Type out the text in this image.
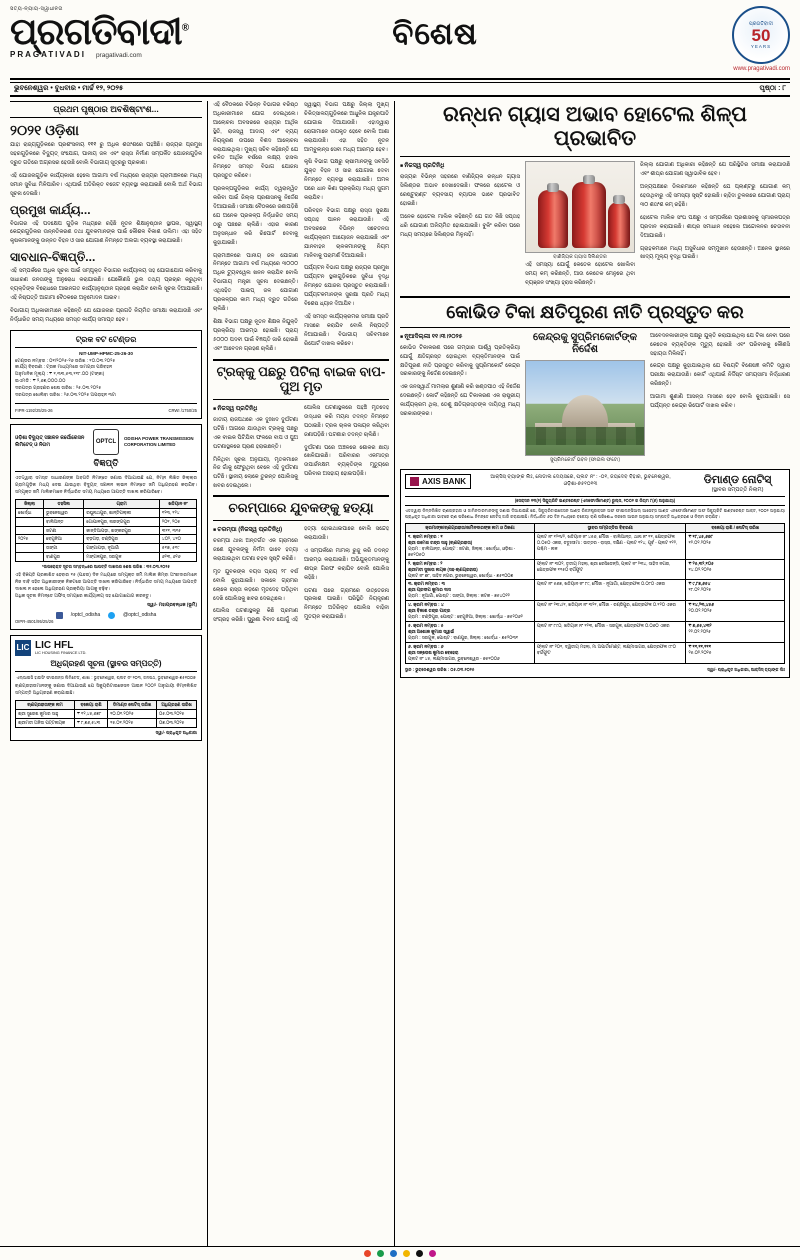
ସତ୍ୟ-ନ୍ୟାୟ-ସ୍ୱାଧୀନତା
ପ୍ରଗତିବାଦୀ®
PRAGATIVADI pragativadi.com
ବିଶେଷ	ପ୍ରଗତିବାଦୀ
50
YEARS
www.pragativadi.com
ଭୁବନେଶ୍ୱର • ବୁଧବାର • ମାର୍ଚ୍ଚ ୧୨, ୨୦୨୫	ପୃଷ୍ଠା : ୮
ପ୍ରଥମ ପୃଷ୍ଠାର ଅବଶିଷ୍ଟାଂଶ...
୨୦୨୧ ଓଡ଼ିଶା

ଯାହା ରାଜ୍ୟଗୁଡ଼ିକରେ ପ୍ରଶଂସନୀୟ ୧୧୧ ରୁ ଅଧିକ ଶତାଂଶରେ ପହଞ୍ଚିଛି। ରାଜ୍ୟର ପ୍ରମୁଖ ସହରଗୁଡ଼ିକରେ ବିଦ୍ୟୁତ୍ ସଂଯୋଗ, ପାନୀୟ ଜଳ ଏବଂ ରାସ୍ତା ନିର୍ମାଣ ସମ୍ପର୍କିତ ଯୋଜନାଗୁଡ଼ିକ ଦ୍ରୁତ ଗତିରେ ଅଗ୍ରସର ହେଉଛି ବୋଲି ବିଭାଗୀୟ ସୂତ୍ରରୁ ପ୍ରକାଶ।

ଏହି ଯୋଜନାଗୁଡ଼ିକ କାର୍ଯ୍ୟକାରୀ ହେଲେ ଆଗାମୀ ବର୍ଷ ମଧ୍ୟରେ ରାଜ୍ୟର ଗ୍ରାମାଞ୍ଚଳରେ ମଧ୍ୟ ସମାନ ସୁବିଧା ମିଳିପାରିବ। ଏଥିପାଇଁ ଅତିରିକ୍ତ ବଜେଟ ବ୍ୟବସ୍ଥା କରାଯାଇଛି ବୋଲି ଅର୍ଥ ବିଭାଗ ସୂଚନା ଦେଇଛି।

ପ୍ରମୁଖ କାର୍ଯ୍ୟ...

ବିଭାଗର ଏହି ପଦକ୍ଷେପ ଗୁଡ଼ିକ ମଧ୍ୟରେ ରହିଛି ନୂତନ ଶିକ୍ଷାନୁଷ୍ଠାନ ସ୍ଥାପନା, ସ୍ୱାସ୍ଥ୍ୟ କେନ୍ଦ୍ରଗୁଡ଼ିକର ଉନ୍ନତିକରଣ ତଥା ଯୁବକମାନଙ୍କ ପାଇଁ କୌଶଳ ବିକାଶ ତାଲିମ। ଏହା ସହିତ କୃଷକମାନଙ୍କୁ ଉନ୍ନତ ବିହନ ଓ ସାର ଯୋଗାଣ ନିମନ୍ତେ ଅଲଗା ବ୍ୟବସ୍ଥା କରାଯାଇଛି।

ସାବଧାନ-ବିଜ୍ଞପ୍ତି...

ଏହି ସମ୍ପର୍କରେ ଅଧିକ ସୂଚନା ପାଇଁ ସମ୍ପୃକ୍ତ ବିଭାଗର କାର୍ଯ୍ୟାଳୟ ସହ ଯୋଗାଯୋଗ କରିବାକୁ ସାଧାରଣ ଜନତାଙ୍କୁ ଅନୁରୋଧ କରାଯାଇଛି। ଯେକୌଣସି ଭୁଲ ତଥ୍ୟ ପ୍ରଚାର କରୁଥିବା ବ୍ୟକ୍ତିଙ୍କ ବିରୋଧରେ ଆଇନଗତ କାର୍ଯ୍ୟାନୁଷ୍ଠାନ ଗ୍ରହଣ କରାଯିବ ବୋଲି ସୂଚନା ଦିଆଯାଇଛି। ଏହି ନିଷ୍ପତ୍ତି ଆଗାମୀ ବୈଠକରେ ଅନୁମୋଦନ ପାଇବ।

ବିଭାଗୀୟ ଅଧିକାରୀମାନେ କହିଛନ୍ତି ଯେ ଯୋଜନାର ପ୍ରଗତି ନିୟମିତ ସମୀକ୍ଷା କରାଯାଉଛି ଏବଂ ନିର୍ଦ୍ଧାରିତ ସମୟ ମଧ୍ୟରେ ସମସ୍ତ କାର୍ଯ୍ୟ ସମାପ୍ତ ହେବ।

ଟ୍ରକ ବଟ ଟେଣ୍ଡର
NIT-UMP-HPMC-25-26-30
ଟେଣ୍ଡର ନମ୍ବର : ୦୧/୨୦୨୫-୨୬ ତାରିଖ : ୧୦.୦୩.୨୦୨୫
କାର୍ଯ୍ୟ ବିବରଣୀ : ଟ୍ରକ ମାଧ୍ୟମରେ ସାମଗ୍ରୀ ପରିବହନ
ଅନୁମାନିକ ମୂଲ୍ୟ : ₹ ୧,୩୩,୫୩,୧୧୮.୦୦ (ଟଙ୍କା)
ଇଏମଡି : ₹ ୨,୬୭,୦୦୦.୦୦
ଦରପତ୍ର ଗ୍ରହଣର ଶେଷ ତାରିଖ : ୨୫.୦୩.୨୦୨୫
ଦରପତ୍ର ଖୋଲିବା ତାରିଖ : ୨୬.୦୩.୨୦୨୫ ଅପରାହ୍ନ ୩ଟା
FIPR-1192/25/25-26	CRWI /1750/25
ଓଡ଼ିଶା ବିଦ୍ୟୁତ୍ ସଞ୍ଚାଳନ କର୍ପୋରେସନ ଲିମିଟେଡ୍ ଓ ନିଗମ	OPTCL
ODISHA POWER TRANSMISSION CORPORATION LIMITED
ବିଜ୍ଞପ୍ତି
ଏତଦ୍ଦ୍ୱାରା ସମସ୍ତ ସାଧାରଣଙ୍କ ଅବଗତି ନିମନ୍ତେ ଜଣାଇ ଦିଆଯାଉଛି ଯେ, ନିମ୍ନ ଲିଖିତ ଜିଲ୍ଲାର ଗ୍ରାମଗୁଡ଼ିକ ମଧ୍ୟ ଦେଇ ଯାଇଥିବା ବିଦ୍ୟୁତ୍ ସଞ୍ଚାଳନ ଲାଇନ ନିମନ୍ତେ ଜମି ଅଧିଗ୍ରହଣ କରାଯିବ। ସମ୍ପୃକ୍ତ ଜମି ମାଲିକମାନେ ନିର୍ଦ୍ଧାରିତ ସମୟ ମଧ୍ୟରେ ଆପତ୍ତି ଦାଖଲ କରିପାରିବେ।
ଜିଲ୍ଲା	ତହସିଲ	ଗ୍ରାମ	ଖତିୟାନ ନଂ
ଖୋର୍ଦ୍ଧା	ଭୁବନେଶ୍ୱର	ରଘୁନାଥପୁର, ଶାନ୍ତିପଲ୍ଲୀ	୧୨୩, ୧୨୪
	ବାଲିଅନ୍ତ	ଗୋପାଳପୁର, ନାରଙ୍ଗପୁର	୨୦୧, ୨୦୫
	ଜଟଣୀ	କାନ୍ତିଆପଡ଼ା, ଶଙ୍କରପୁର	୩୧୧, ୩୧୫
୨୦୨୫	ବେଗୁନିଆ	ବଡ଼ଗଡ଼, ଚଣ୍ଡିପୁର	୪୦୨, ୪୧୦
	ତାଙ୍ଗୀ	ଗଙ୍ଗାପଡ଼ା, ନୂଆଗାଁ	୫୧୭, ୫୧୯
	ବାଣପୁର	ମଙ୍ଗଳପୁର, ସରଗୁଳ	୬୨୩, ୬୨୬
*ଉପରୋକ୍ତ ସୂଚନା ସମ୍ବନ୍ଧରେ ଆପତ୍ତି ଦାଖଲର ଶେଷ ତାରିଖ : ୩୧.୦୩.୨୦୨୫
ଏହି ବିଜ୍ଞପ୍ତି ପ୍ରକାଶିତ ହେବାର ୧୫ (ପନ୍ଦର) ଦିନ ମଧ୍ୟରେ ସମ୍ପୃକ୍ତ ଜମି ମାଲିକ କିମ୍ବା ଅଂଶୀଦାରମାନେ ନିଜ ଦାବି ସହିତ ଅଧିକାରୀଙ୍କ ନିକଟରେ ଆପତ୍ତି ଦାଖଲ କରିପାରିବେ। ନିର୍ଦ୍ଧାରିତ ସମୟ ମଧ୍ୟରେ ଆପତ୍ତି ଦାଖଲ ନ ହେଲେ ଅଧିଗ୍ରହଣ ପ୍ରକ୍ରିୟା ଆଗକୁ ବଢ଼ିବ।
ଅଧିକ ସୂଚନା ନିମନ୍ତେ ଅଫିସ୍ ସମୟରେ କାର୍ଯ୍ୟାଳୟ ସହ ଯୋଗାଯୋଗ କରନ୍ତୁ।
ସ୍ୱା/- ମହାପ୍ରବନ୍ଧକ (ଭୂମି)
/optcl_odisha	@optcl_odisha
OIPR-4501/95/25/26
LIC LIC HFL
LIC HOUSING FINANCE LTD.
ଅଧିଗ୍ରହଣ ସୂଚନା (ସ୍ଥାବର ସମ୍ପତ୍ତି)
ଏଲ୍ଆଇସି ହାଉସିଂ ଫାଇନାନ୍ସ ଲିମିଟେଡ୍, ଶାଖା : ଭୁବନେଶ୍ୱର, ପ୍ଲଟ ନଂ ୨୦୩, ଜନପଥ, ଭୁବନେଶ୍ୱର-୭୫୧୦୦୭
ଋଣଗ୍ରହୀତାମାନଙ୍କୁ ଜଣାଇ ଦିଆଯାଉଛି ଯେ ସିକ୍ୟୁରିଟାଇଜେସନ ଆଇନ ୨୦୦୨ ଅନୁଯାୟୀ ନିମ୍ନଲିଖିତ ସମ୍ପତ୍ତି ଅଧିଗ୍ରହଣ କରାଯାଇଛି।
ଋଣଗ୍ରହୀତାଙ୍କ ନାମ	ବକେୟା ରାଶି	ଡିମାଣ୍ଡ ନୋଟିସ୍ ତାରିଖ	ଅଧିଗ୍ରହଣ ତାରିଖ
ଶ୍ରୀ ସୁରେଶ କୁମାର ସାହୁ	₹ ୧୨,୪୫,୬୭୮	୧୦.୦୧.୨୦୨୫	୦୫.୦୩.୨୦୨୫
ଶ୍ରୀମତୀ ଅନିତା ପଟ୍ଟନାୟକ	₹ ୮,୭୬,୫୪୩	୧୫.୦୧.୨୦୨୫	୦୭.୦୩.୨୦୨୫
ସ୍ୱା/- ପ୍ରାଧିକୃତ ଅଧିକାରୀ

ଏହି ବୈଠକରେ ବିଭିନ୍ନ ବିଭାଗର ବରିଷ୍ଠ ଅଧିକାରୀମାନେ ଯୋଗ ଦେଇଥିଲେ। ଆଲୋଚନା ଅବସରରେ ରାଜ୍ୟର ଆର୍ଥିକ ସ୍ଥିତି, ରାଜସ୍ୱ ଆଦାୟ ଏବଂ ବ୍ୟୟ ନିୟନ୍ତ୍ରଣ ଉପରେ ବିଶଦ ଆଲୋଚନା କରାଯାଇଥିଲା। ମୁଖ୍ୟ ସଚିବ କହିଛନ୍ତି ଯେ ଚଳିତ ଆର୍ଥିକ ବର୍ଷରେ ଲକ୍ଷ୍ୟ ହାସଲ ନିମନ୍ତେ ସମସ୍ତ ବିଭାଗ ଯୋଜନା ପ୍ରସ୍ତୁତ କରିବେ।

ପ୍ରକଳ୍ପଗୁଡ଼ିକର କାର୍ଯ୍ୟ ତ୍ୱରାନ୍ୱିତ କରିବା ପାଇଁ ଜିଲ୍ଲା ପ୍ରଶାସନକୁ ନିର୍ଦ୍ଦେଶ ଦିଆଯାଇଛି। ସମୀକ୍ଷା ବୈଠକରେ ଜଣାପଡ଼ିଛି ଯେ ଅନେକ ପ୍ରକଳ୍ପ ନିର୍ଦ୍ଧାରିତ ସମୟ ଠାରୁ ପଛରେ ଚାଲିଛି। ଏହାର କାରଣ ଅନୁସନ୍ଧାନ କରି ରିପୋର୍ଟ ଦେବାକୁ କୁହାଯାଇଛି।

ଗ୍ରାମାଞ୍ଚଳରେ ପାନୀୟ ଜଳ ଯୋଗାଣ ନିମନ୍ତେ ଆଗାମୀ ବର୍ଷ ମଧ୍ୟରେ ୩୦୦୦ ଅଧିକ ଟ୍ୟୁବୱେଲ ଖନନ କରାଯିବ ବୋଲି ବିଭାଗୀୟ ମନ୍ତ୍ରୀ ସୂଚନା ଦେଇଛନ୍ତି। ଏଥିସହିତ ପାଇପ୍ ଜଳ ଯୋଗାଣ ପ୍ରକଳ୍ପର କାମ ମଧ୍ୟ ଦ୍ରୁତ ଗତିରେ ଚାଲିଛି।

ଶିକ୍ଷା ବିଭାଗ ପକ୍ଷରୁ ନୂତନ ଶିକ୍ଷକ ନିଯୁକ୍ତି ପ୍ରକ୍ରିୟା ଆରମ୍ଭ ହୋଇଛି। ପ୍ରାୟ ୫୦୦୦ ପଦବୀ ପାଇଁ ବିଜ୍ଞପ୍ତି ଜାରି ହୋଇଛି ଏବଂ ଆବେଦନ ଗ୍ରହଣ ଚାଲିଛି।

ସ୍ୱାସ୍ଥ୍ୟ ବିଭାଗ ପକ୍ଷରୁ ଜିଲ୍ଲା ମୁଖ୍ୟ ଚିକିତ୍ସାଳୟଗୁଡ଼ିକରେ ଆଧୁନିକ ଯନ୍ତ୍ରପାତି ଯୋଗାଇ ଦିଆଯାଉଛି। ଏହାଦ୍ୱାରା ରୋଗୀମାନେ ଉପକୃତ ହେବେ ବୋଲି ଆଶା କରାଯାଉଛି। ଏହା ସହିତ ନୂତନ ଆମ୍ବୁଲାନ୍ସ ସେବା ମଧ୍ୟ ଆରମ୍ଭ ହେବ।

କୃଷି ବିଭାଗ ପକ୍ଷରୁ ଚାଷୀମାନଙ୍କୁ ସବସିଡି ଯୁକ୍ତ ବିହନ ଓ ସାର ଯୋଗାଇ ଦେବା ନିମନ୍ତେ ବ୍ୟବସ୍ଥା କରାଯାଇଛି। ଅମଳ ପରେ ଧାନ କିଣା ପ୍ରକ୍ରିୟା ମଧ୍ୟ ସୁଗମ କରାଯିବ।

ପରିବହନ ବିଭାଗ ପକ୍ଷରୁ ରାସ୍ତା ସୁରକ୍ଷା ସପ୍ତାହ ପାଳନ କରାଯାଉଛି। ଏହି ଅବସରରେ ବିଭିନ୍ନ ସଚେତନତା କାର୍ଯ୍ୟକ୍ରମ ଆୟୋଜନ କରାଯାଇଛି ଏବଂ ଯାନବାହନ ଚାଳକମାନଙ୍କୁ ନିୟମ ମାନିବାକୁ ପରାମର୍ଶ ଦିଆଯାଇଛି।

ପର୍ଯ୍ୟଟନ ବିଭାଗ ପକ୍ଷରୁ ରାଜ୍ୟର ପ୍ରମୁଖ ପର୍ଯ୍ୟଟନ ସ୍ଥଳୀଗୁଡ଼ିକରେ ସୁବିଧା ବୃଦ୍ଧି ନିମନ୍ତେ ଯୋଜନା ପ୍ରସ୍ତୁତ କରାଯାଇଛି। ପର୍ଯ୍ୟଟକମାନଙ୍କ ସୁରକ୍ଷା ପ୍ରତି ମଧ୍ୟ ବିଶେଷ ଧ୍ୟାନ ଦିଆଯିବ।

ଏହି ସମସ୍ତ କାର୍ଯ୍ୟକ୍ରମର ସମୀକ୍ଷା ପ୍ରତି ମାସରେ କରାଯିବ ବୋଲି ନିଷ୍ପତ୍ତି ନିଆଯାଇଛି। ବିଭାଗୀୟ ସଚିବମାନେ ରିପୋର୍ଟ ଦାଖଲ କରିବେ।

ଟ୍ରକ୍‌କୁ ପଛରୁ ପିଟିଲା ବାଇକ ବାପ-ପୁଅ ମୃତ
■ ନିଜସ୍ୱ ପ୍ରତିନିଧି

ଜାତୀୟ ରାଜପଥରେ ଏକ ଦୁଃଖଦ ଦୁର୍ଘଟଣା ଘଟିଛି। ଆଗରେ ଯାଉଥିବା ଟ୍ରକ୍‌କୁ ପଛରୁ ଏକ ବାଇକ ପିଟିଯିବା ଫଳରେ ବାପ ଓ ପୁଅ ଘଟଣାସ୍ଥଳରେ ପ୍ରାଣ ହରାଇଛନ୍ତି।

ମିଳିଥିବା ସୂଚନା ଅନୁଯାୟୀ, ମୃତକମାନେ ନିଜ ଗାଁକୁ ଫେରୁଥିବା ବେଳେ ଏହି ଦୁର୍ଘଟଣା ଘଟିଛି। ସ୍ଥାନୀୟ ଲୋକେ ତୁରନ୍ତ ପୋଲିସକୁ ଖବର ଦେଇଥିଲେ।

ପୋଲିସ ଘଟଣାସ୍ଥଳରେ ପହଞ୍ଚି ମୃତଦେହ ଉଦ୍ଧାର କରି ମୟନା ତଦନ୍ତ ନିମନ୍ତେ ପଠାଇଛି। ଟ୍ରକ ଚାଳକ ପଳାୟନ କରିଥିବା ଜଣାପଡ଼ିଛି। ଘଟଣାର ତଦନ୍ତ ଚାଲିଛି।

ଦୁର୍ଘଟଣା ପରେ ଅଞ୍ଚଳରେ ଶୋକର ଛାୟା ଖେଳିଯାଇଛି। ପରିବାରର ଏକମାତ୍ର ଉପାର୍ଜନକ୍ଷମ ବ୍ୟକ୍ତିଙ୍କ ମୃତ୍ୟୁରେ ପରିବାର ଅସହାୟ ହୋଇପଡ଼ିଛି।

ଚରମ୍ପାରେ ଯୁବକଙ୍କୁ ହତ୍ୟା
■ ଚରମ୍ପା (ନିଜସ୍ୱ ପ୍ରତିନିଧି)

ଚରମ୍ପା ଥାନା ଅନ୍ତର୍ଗତ ଏକ ଗ୍ରାମରେ ଜଣେ ଯୁବକଙ୍କୁ ନିର୍ମମ ଭାବେ ହତ୍ୟା କରାଯାଇଥିବା ଘଟଣା ଚହଳ ସୃଷ୍ଟି କରିଛି।

ମୃତ ଯୁବକଙ୍କ ବୟସ ପ୍ରାୟ ୨୮ ବର୍ଷ ବୋଲି କୁହାଯାଇଛି। ସକାଳେ ଗ୍ରାମର ଲୋକେ ରାସ୍ତା କଡ଼ରେ ମୃତଦେହ ପଡ଼ିଥିବା ଦେଖି ପୋଲିସକୁ ଖବର ଦେଇଥିଲେ।

ପୋଲିସ ଘଟଣାସ୍ଥଳରୁ କିଛି ପ୍ରମାଣ ସଂଗ୍ରହ କରିଛି। ପୁରୁଣା ବିବାଦ ଯୋଗୁଁ ଏହି ହତ୍ୟା ହୋଇଥାଇପାରେ ବୋଲି ସନ୍ଦେହ କରାଯାଉଛି।

ଏ ସମ୍ପର୍କରେ ମାମଲା ରୁଜୁ କରି ତଦନ୍ତ ଆରମ୍ଭ କରାଯାଇଛି। ଅଭିଯୁକ୍ତମାନଙ୍କୁ ଶୀଘ୍ର ଗିରଫ କରାଯିବ ବୋଲି ପୋଲିସ କହିଛି।

ଘଟଣା ପରେ ଗ୍ରାମରେ ଉତ୍ତେଜନା ପ୍ରକାଶ ପାଇଛି। ପରିସ୍ଥିତି ନିୟନ୍ତ୍ରଣ ନିମନ୍ତେ ଅତିରିକ୍ତ ପୋଲିସ ବାହିନୀ ମୁତୟନ କରାଯାଇଛି।

ରନ୍ଧନ ଗ୍ୟାସ ଅଭାବ ହୋଟେଲ ଶିଳ୍ପ ପ୍ରଭାବିତ
■ ନିଜସ୍ୱ ପ୍ରତିନିଧି

ରାଜ୍ୟର ବିଭିନ୍ନ ସହରରେ ବାଣିଜ୍ୟିକ ରନ୍ଧନ ଗ୍ୟାସ ସିଲିଣ୍ଡର ଅଭାବ ଦେଖାଦେଇଛି। ଫଳରେ ହୋଟେଲ ଓ ରେଷ୍ଟୁରାଣ୍ଟ ବ୍ୟବସାୟ ବ୍ୟାପକ ଭାବେ ପ୍ରଭାବିତ ହୋଇଛି।

ଅନେକ ହୋଟେଲ ମାଲିକ କହିଛନ୍ତି ଯେ ଗତ କିଛି ସପ୍ତାହ ଧରି ଯୋଗାଣ ଅନିୟମିତ ହୋଇଯାଇଛି। ବୁକିଂ କରିବା ପରେ ମଧ୍ୟ ସମୟରେ ସିଲିଣ୍ଡର ମିଳୁନାହିଁ।

ବାଣିଜ୍ୟିକ ଗ୍ୟାସ ସିଲିଣ୍ଡର

ଏହି ସମସ୍ୟା ଯୋଗୁଁ କେତେକ ହୋଟେଲ ଖୋଲିବା ସମୟ କମ୍ କରିଛନ୍ତି, ଆଉ କେତେକ ମେନୁରେ ଥିବା ବ୍ୟଞ୍ଜନ ସଂଖ୍ୟା ହ୍ରାସ କରିଛନ୍ତି।

ଜିଲ୍ଲା ଯୋଗାଣ ଅଧିକାରୀ କହିଛନ୍ତି ଯେ ପରିସ୍ଥିତିର ସମୀକ୍ଷା କରାଯାଉଛି ଏବଂ ଶୀଘ୍ର ଯୋଗାଣ ସ୍ୱାଭାବିକ ହେବ।

ଅନ୍ୟପକ୍ଷରେ ଡିଲରମାନେ କହିଛନ୍ତି ଯେ ପ୍ଲାଣ୍ଟରୁ ଯୋଗାଣ କମ୍ ହେଉଥିବାରୁ ଏହି ସମସ୍ୟା ସୃଷ୍ଟି ହୋଇଛି। ଚାହିଦା ତୁଳନାରେ ଯୋଗାଣ ପ୍ରାୟ ୩୦ ଶତାଂଶ କମ୍ ରହିଛି।

ହୋଟେଲ ମାଲିକ ସଂଘ ପକ୍ଷରୁ ଏ ସମ୍ପର୍କରେ ପ୍ରଶାସନକୁ ସ୍ମାରକପତ୍ର ପ୍ରଦାନ କରାଯାଇଛି। ଶୀଘ୍ର ସମାଧାନ ନହେଲେ ଆନ୍ଦୋଳନର ଚେତାବନୀ ଦିଆଯାଇଛି।

ଗ୍ରାହକମାନେ ମଧ୍ୟ ଅସୁବିଧାର ସମ୍ମୁଖୀନ ହେଉଛନ୍ତି। ଅନେକ ସ୍ଥାନରେ ଖାଦ୍ୟ ମୂଲ୍ୟ ବୃଦ୍ଧି ପାଇଛି।

କୋଭିଡ ଟିକା କ୍ଷତିପୂରଣ ନୀତି ପ୍ରସ୍ତୁତ କର
■ ନୂଆଦିଲ୍ଲୀ ୧୧।୩।୨୦୨୫

କୋଭିଡ ଟିକାକରଣ ପରେ ଗମ୍ଭୀର ପାର୍ଶ୍ୱ ପ୍ରତିକ୍ରିୟା ଯୋଗୁଁ କ୍ଷତିଗ୍ରସ୍ତ ହୋଇଥିବା ବ୍ୟକ୍ତିମାନଙ୍କ ପାଇଁ କ୍ଷତିପୂରଣ ନୀତି ପ୍ରସ୍ତୁତ କରିବାକୁ ସୁପ୍ରିମକୋର୍ଟ କେନ୍ଦ୍ର ସରକାରଙ୍କୁ ନିର୍ଦ୍ଦେଶ ଦେଇଛନ୍ତି।

ଏକ ଜନସ୍ୱାର୍ଥ ମାମଲାର ଶୁଣାଣି କରି ଖଣ୍ଡପୀଠ ଏହି ନିର୍ଦ୍ଦେଶ ଦେଇଛନ୍ତି। କୋର୍ଟ କହିଛନ୍ତି ଯେ ଟିକାକରଣ ଏକ ରାଷ୍ଟ୍ରୀୟ କାର୍ଯ୍ୟକ୍ରମ ଥିଲା, ତେଣୁ କ୍ଷତିଗ୍ରସ୍ତଙ୍କ ଦାୟିତ୍ୱ ମଧ୍ୟ ସରକାରଙ୍କର।

କେନ୍ଦ୍ରକୁ ସୁପ୍ରିମକୋର୍ଟଙ୍କ ନିର୍ଦ୍ଦେଶ
ସୁପ୍ରିମକୋର୍ଟ ଭବନ (ଫାଇଲ ଫଟୋ)

ଆବେଦନକାରୀଙ୍କ ପକ୍ଷରୁ ଯୁକ୍ତି କରାଯାଇଥିଲା ଯେ ଟିକା ନେବା ପରେ କେତେକ ବ୍ୟକ୍ତିଙ୍କ ମୃତ୍ୟୁ ହୋଇଛି ଏବଂ ପରିବାରକୁ କୌଣସି ସହାୟତା ମିଳିନାହିଁ।

କେନ୍ଦ୍ର ପକ୍ଷରୁ କୁହାଯାଇଥିଲା ଯେ ବିଷୟଟି ବିଶେଷଜ୍ଞ କମିଟି ଦ୍ୱାରା ପରୀକ୍ଷା କରାଯାଉଛି। କୋର୍ଟ ଏଥିପାଇଁ ନିର୍ଦ୍ଦିଷ୍ଟ ସମୟସୀମା ନିର୍ଦ୍ଧାରଣ କରିଛନ୍ତି।

ଆଗାମୀ ଶୁଣାଣି ଆସନ୍ତା ମାସରେ ହେବ ବୋଲି କୁହାଯାଇଛି। ସେ ପର୍ଯ୍ୟନ୍ତ କେନ୍ଦ୍ର ରିପୋର୍ଟ ଦାଖଲ କରିବ।

AXIS BANK	ଆକ୍ସିସ୍ ବ୍ୟାଙ୍କ ଲିଃ, ନୋଡାଲ ଦେୟସରେ, ପ୍ଲଟ ନଂ : -୦୧, ଜୟଦେବ ବିହାର, ଭୁବନେଶ୍ୱର, ଓଡ଼ିଶା-୭୫୧୦୧୩	ଡିମାଣ୍ଡ ନୋଟିସ୍
(ସ୍ଥାବର ସମ୍ପତ୍ତି ନିଲାମ)
(ସେକ୍ସନ ୧୩(୨) ସିକ୍ୟୁରିଟି ଇଣ୍ଟରେଷ୍ଟ (ଏନଫୋର୍ସମେଣ୍ଟ) ରୁଲ୍ସ, ୨୦୦୨ ର ନିୟମ ୮(୬) ଅନୁଯାୟୀ)
ଏତଦ୍ଦ୍ୱାରା ନିମ୍ନଲିଖିତ ଋଣଗ୍ରହୀତା ଓ ଜାମିନଦାରମାନଙ୍କୁ ଜଣାଇ ଦିଆଯାଉଛି ଯେ, ସିକ୍ୟୁରିଟାଇଜେସନ ଆଣ୍ଡ ରିକନଷ୍ଟ୍ରକ୍ସନ ଅଫ ଫାଇନାନ୍ସିଆଲ୍ ଆସେଟ୍ସ ଆଣ୍ଡ ଏନଫୋର୍ସମେଣ୍ଟ ଅଫ ସିକ୍ୟୁରିଟି ଇଣ୍ଟରେଷ୍ଟ ଆକ୍ଟ, ୨୦୦୨ ଅନୁଯାୟୀ ପ୍ରାଧିକୃତ ଅଧିକାରୀ ଭାବରେ ଋଣ ପରିଶୋଧ ନିମନ୍ତେ ନୋଟିସ୍ ଜାରି କରାଯାଇଛି। ନିର୍ଦ୍ଧାରିତ ୬୦ ଦିନ ମଧ୍ୟରେ ବକେୟା ରାଶି ପରିଶୋଧ ନକଲେ ଆଇନ ଅନୁଯାୟୀ ସମ୍ପତ୍ତି ଅଧିଗ୍ରହଣ ଓ ନିଲାମ କରାଯିବ।
କ୍ରମାଙ୍କ/ଋଣଗ୍ରହୀତା/ଜାମିନଦାରଙ୍କ ନାମ ଓ ଠିକଣା	ସ୍ଥାବର ସମ୍ପତ୍ତିର ବିବରଣୀ	ବକେୟା ରାଶି / ନୋଟିସ୍ ତାରିଖ

୧. କ୍ରମ ନମ୍ବର : ୧
ଶ୍ରୀ ରମେଶ ଚନ୍ଦ୍ର ସାହୁ (ଋଣଗ୍ରହୀତା)
ଗ୍ରାମ : ବାଲିଆନ୍ତ, ପୋଷ୍ଟ : ଜଟଣୀ, ଜିଲ୍ଲା : ଖୋର୍ଦ୍ଧା, ଓଡ଼ିଶା - ୭୫୨୦୫୦	ପ୍ଲଟ ନଂ ୧୨୩/୨, ଖତିୟାନ ନଂ ୪୫୬, ମୌଜା - ବାଲିଆନ୍ତ, ଥାନା ନଂ ୧୧, କ୍ଷେତ୍ରଫଳ ୦.୦୫୦ ଏକର, ଚତୁଃସୀମା : ଉତ୍ତର - ରାସ୍ତା, ଦକ୍ଷିଣ - ପ୍ଲଟ ୧୨୪, ପୂର୍ବ - ପ୍ଲଟ ୧୨୨, ପଶ୍ଚିମ - ନାଳ	₹ ୧୮,୪୫,୬୭୮
୧୨.୦୨.୨୦୨୫

୨. କ୍ରମ ନମ୍ବର : ୨
ଶ୍ରୀମତୀ ସୁଜାତା ନାୟକ (ସହ-ଋଣଗ୍ରହୀତା)
ପ୍ଲଟ ନଂ ୭୮, ସାହିଦ ନଗର, ଭୁବନେଶ୍ୱର, ଖୋର୍ଦ୍ଧା - ୭୫୧୦୦୭	ଫ୍ଲାଟ ନଂ ୩୦୨, ତୃତୀୟ ମହଲା, ଶ୍ରୀ ରେସିଡେନ୍ସି, ପ୍ଲଟ ନଂ ୨୩୪, ସାହିଦ ନଗର, କ୍ଷେତ୍ରଫଳ ୧୧୫୦ ବର୍ଗଫୁଟ	₹ ୨୫,୩୨,୧୦୫
୧୪.୦୨.୨୦୨୫

୩. କ୍ରମ ନମ୍ବର : ୩
ଶ୍ରୀ ପ୍ରଦୀପ କୁମାର ଦାସ
ଗ୍ରାମ : ନୂଆଗାଁ, ପୋଷ୍ଟ : ତାଙ୍ଗୀ, ଜିଲ୍ଲା : କଟକ - ୭୫୪୦୨୨	ପ୍ଲଟ ନଂ ୫୬୭, ଖତିୟାନ ନଂ ୮୯, ମୌଜା - ନୂଆଗାଁ, କ୍ଷେତ୍ରଫଳ ୦.୦୮୦ ଏକର	₹ ୯,୮୭,୬୫୪
୧୮.୦୨.୨୦୨୫

୪. କ୍ରମ ନମ୍ବର : ୪
ଶ୍ରୀ ବିକାଶ ଚନ୍ଦ୍ର ପାତ୍ର
ଗ୍ରାମ : ଚଣ୍ଡିପୁର, ପୋଷ୍ଟ : ବେଗୁନିଆ, ଜିଲ୍ଲା : ଖୋର୍ଦ୍ଧା - ୭୫୨୦୬୨	ପ୍ଲଟ ନଂ ୨୩୪/୧, ଖତିୟାନ ନଂ ୩୨୧, ମୌଜା - ଚଣ୍ଡିପୁର, କ୍ଷେତ୍ରଫଳ ୦.୧୨୦ ଏକର	₹ ୧୪,୨୩,୪୫୬
୨୦.୦୨.୨୦୨୫

୫. କ୍ରମ ନମ୍ବର : ୫
ଶ୍ରୀ ଅଶୋକ କୁମାର ସ୍ୱାଇଁ
ଗ୍ରାମ : ସରଗୁଳ, ପୋଷ୍ଟ : ବାଣପୁର, ଜିଲ୍ଲା : ଖୋର୍ଦ୍ଧା - ୭୫୨୦୩୧	ପ୍ଲଟ ନଂ ୮୯୦, ଖତିୟାନ ନଂ ୧୨୩, ମୌଜା - ସରଗୁଳ, କ୍ଷେତ୍ରଫଳ ୦.୦୬୦ ଏକର	₹ ୭,୬୫,୪୩୨
୨୨.୦୨.୨୦୨୫

୬. କ୍ରମ ନମ୍ବର : ୬
ଶ୍ରୀ ସନ୍ତୋଷ କୁମାର ବେହେରା
ପ୍ଲଟ ନଂ ୪୫, ଲକ୍ଷ୍ମୀସାଗର, ଭୁବନେଶ୍ୱର - ୭୫୧୦୦୬	ଫ୍ଲାଟ ନଂ ୨୦୧, ଦ୍ୱିତୀୟ ମହଲା, ମା ଅପାର୍ଟମେଣ୍ଟ, ଲକ୍ଷ୍ମୀସାଗର, କ୍ଷେତ୍ରଫଳ ୯୮୦ ବର୍ଗଫୁଟ	₹ ୧୧,୧୧,୧୧୧
୨୫.୦୨.୨୦୨୫
ସ୍ଥାନ : ଭୁବନେଶ୍ୱର ତାରିଖ : ୦୫.୦୩.୨୦୨୫	ସ୍ୱା/- ପ୍ରାଧିକୃତ ଅଧିକାରୀ, ଆକ୍ସିସ୍ ବ୍ୟାଙ୍କ ଲିଃ
